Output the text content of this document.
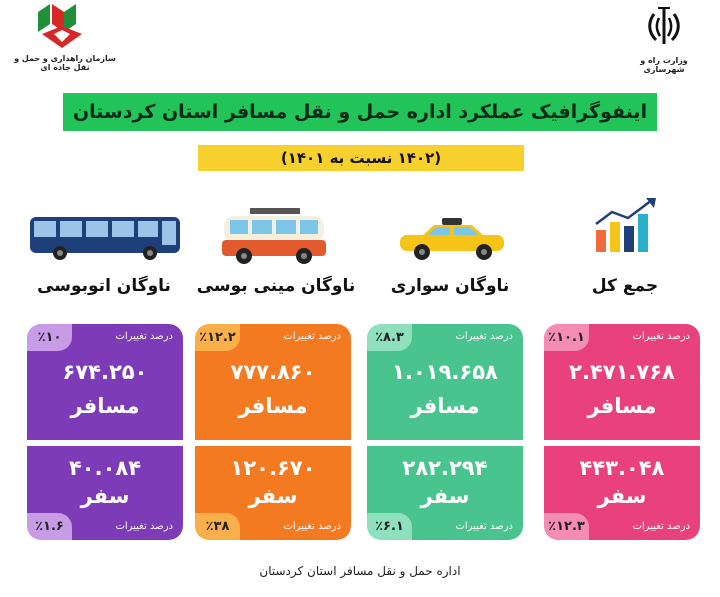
سازمان راهداری و حمل و نقل جاده ای
وزارت راه و شهرسازی
اینفوگرافیک عملکرد اداره حمل و نقل مسافر استان کردستان
(۱۴۰۲ نسبت به ۱۴۰۱)
ناوگان اتوبوسی	ناوگان مینی بوسی	ناوگان سواری	جمع کل
٪۱۰	درصد تغییرات
۶۷۴.۲۵۰
مسافر
۴۰.۰۸۴
سفر
٪۱.۶	درصد تغییرات
٪۱۲.۲	درصد تغییرات
۷۷۷.۸۶۰
مسافر
۱۲۰.۶۷۰
سفر
٪۳۸	درصد تغییرات
٪۸.۳	درصد تغییرات
۱.۰۱۹.۶۵۸
مسافر
۲۸۲.۲۹۴
سفر
٪۶.۱	درصد تغییرات
٪۱۰.۱	درصد تغییرات
۲.۴۷۱.۷۶۸
مسافر
۴۴۳.۰۴۸
سفر
٪۱۲.۳	درصد تغییرات
اداره حمل و نقل مسافر استان کردستان
